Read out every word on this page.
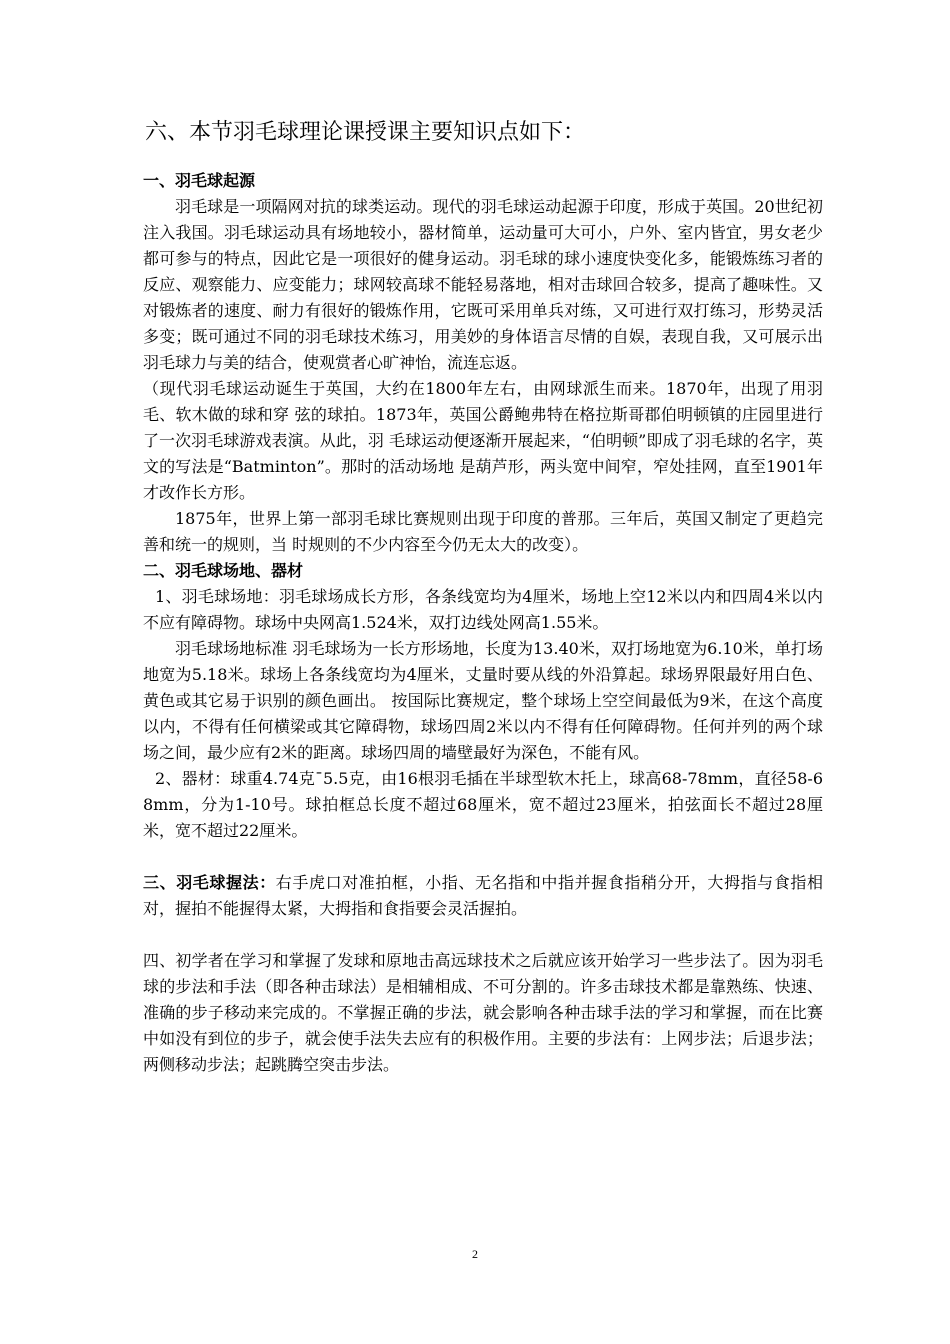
六、本节羽毛球理论课授课主要知识点如下：
一、羽毛球起源

羽毛球是一项隔网对抗的球类运动。现代的羽毛球运动起源于印度，形成于英国。20世纪初注入我国。羽毛球运动具有场地较小，器材简单，运动量可大可小，户外、室内皆宜，男女老少都可参与的特点，因此它是一项很好的健身运动。羽毛球的球小速度快变化多，能锻炼练习者的反应、观察能力、应变能力；球网较高球不能轻易落地，相对击球回合较多，提高了趣味性。又对锻炼者的速度、耐力有很好的锻炼作用，它既可采用单兵对练，又可进行双打练习，形势灵活多变；既可通过不同的羽毛球技术练习，用美妙的身体语言尽情的自娱，表现自我，又可展示出羽毛球力与美的结合，使观赏者心旷神怡，流连忘返。

（现代羽毛球运动诞生于英国，大约在1800年左右，由网球派生而来。1870年，出现了用羽毛、软木做的球和穿 弦的球拍。1873年，英国公爵鲍弗特在格拉斯哥郡伯明顿镇的庄园里进行了一次羽毛球游戏表演。从此，羽 毛球运动便逐渐开展起来，“伯明顿”即成了羽毛球的名字，英文的写法是“Batminton”。那时的活动场地 是葫芦形，两头宽中间窄，窄处挂网，直至1901年才改作长方形。

1875年，世界上第一部羽毛球比赛规则出现于印度的普那。三年后，英国又制定了更趋完善和统一的规则，当 时规则的不少内容至今仍无太大的改变）。

二、羽毛球场地、器材

1、羽毛球场地：羽毛球场成长方形，各条线宽均为4厘米，场地上空12米以内和四周4米以内不应有障碍物。球场中央网高1.524米，双打边线处网高1.55米。

羽毛球场地标准 羽毛球场为一长方形场地，长度为13.40米，双打场地宽为6.10米，单打场地宽为5.18米。球场上各条线宽均为4厘米，丈量时要从线的外沿算起。球场界限最好用白色、黄色或其它易于识别的颜色画出。 按国际比赛规定，整个球场上空空间最低为9米，在这个高度以内，不得有任何横梁或其它障碍物，球场四周2米以内不得有任何障碍物。任何并列的两个球场之间，最少应有2米的距离。球场四周的墙壁最好为深色，不能有风。

2、器材：球重4.74克¯5.5克，由16根羽毛插在半球型软木托上，球高68-78mm，直径58-68mm，分为1-10号。球拍框总长度不超过68厘米，宽不超过23厘米，拍弦面长不超过28厘米，宽不超过22厘米。

三、羽毛球握法：右手虎口对准拍框，小指、无名指和中指并握食指稍分开，大拇指与食指相对，握拍不能握得太紧，大拇指和食指要会灵活握拍。

四、初学者在学习和掌握了发球和原地击高远球技术之后就应该开始学习一些步法了。因为羽毛球的步法和手法（即各种击球法）是相辅相成、不可分割的。许多击球技术都是靠熟练、快速、准确的步子移动来完成的。不掌握正确的步法，就会影响各种击球手法的学习和掌握，而在比赛中如没有到位的步子，就会使手法失去应有的积极作用。主要的步法有：上网步法；后退步法；两侧移动步法；起跳腾空突击步法。

2
